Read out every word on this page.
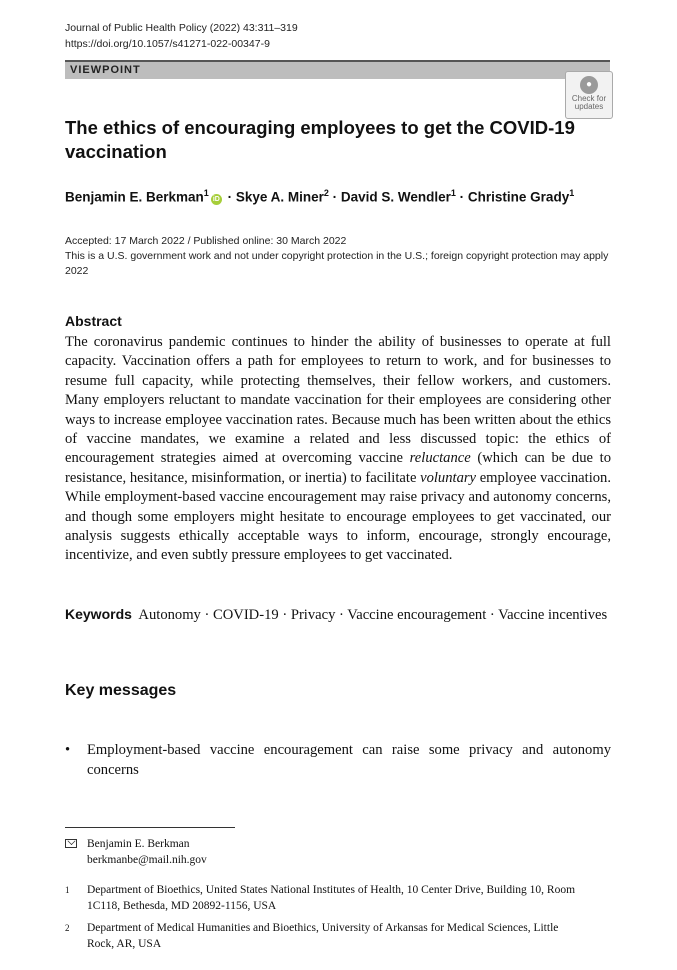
Journal of Public Health Policy (2022) 43:311–319
https://doi.org/10.1057/s41271-022-00347-9
VIEWPOINT
●
Check for
updates
The ethics of encouraging employees to get the COVID-19 vaccination
Benjamin E. Berkman$^1$iD · Skye A. Miner$^2$ · David S. Wendler$^1$ · Christine Grady$^1$
Accepted: 17 March 2022 / Published online: 30 March 2022
This is a U.S. government work and not under copyright protection in the U.S.; foreign copyright protection may apply 2022
Abstract
The coronavirus pandemic continues to hinder the ability of businesses to operate at full capacity. Vaccination offers a path for employees to return to work, and for businesses to resume full capacity, while protecting themselves, their fellow workers, and customers. Many employers reluctant to mandate vaccination for their employees are considering other ways to increase employee vaccination rates. Because much has been written about the ethics of vaccine mandates, we examine a related and less discussed topic: the ethics of encouragement strategies aimed at overcoming vaccine reluctance (which can be due to resistance, hesitance, misinformation, or inertia) to facilitate voluntary employee vaccination. While employment-based vaccine encouragement may raise privacy and autonomy concerns, and though some employers might hesitate to encourage employees to get vaccinated, our analysis suggests ethically acceptable ways to inform, encourage, strongly encourage, incentivize, and even subtly pressure employees to get vaccinated.
Keywords Autonomy · COVID-19 · Privacy · Vaccine encouragement · Vaccine incentives
Key messages
• Employment-based vaccine encouragement can raise some privacy and autonomy concerns
Benjamin E. Berkman
berkmanbe@mail.nih.gov
1 Department of Bioethics, United States National Institutes of Health, 10 Center Drive, Building 10, Room 1C118, Bethesda, MD 20892-1156, USA
2 Department of Medical Humanities and Bioethics, University of Arkansas for Medical Sciences, Little Rock, AR, USA
